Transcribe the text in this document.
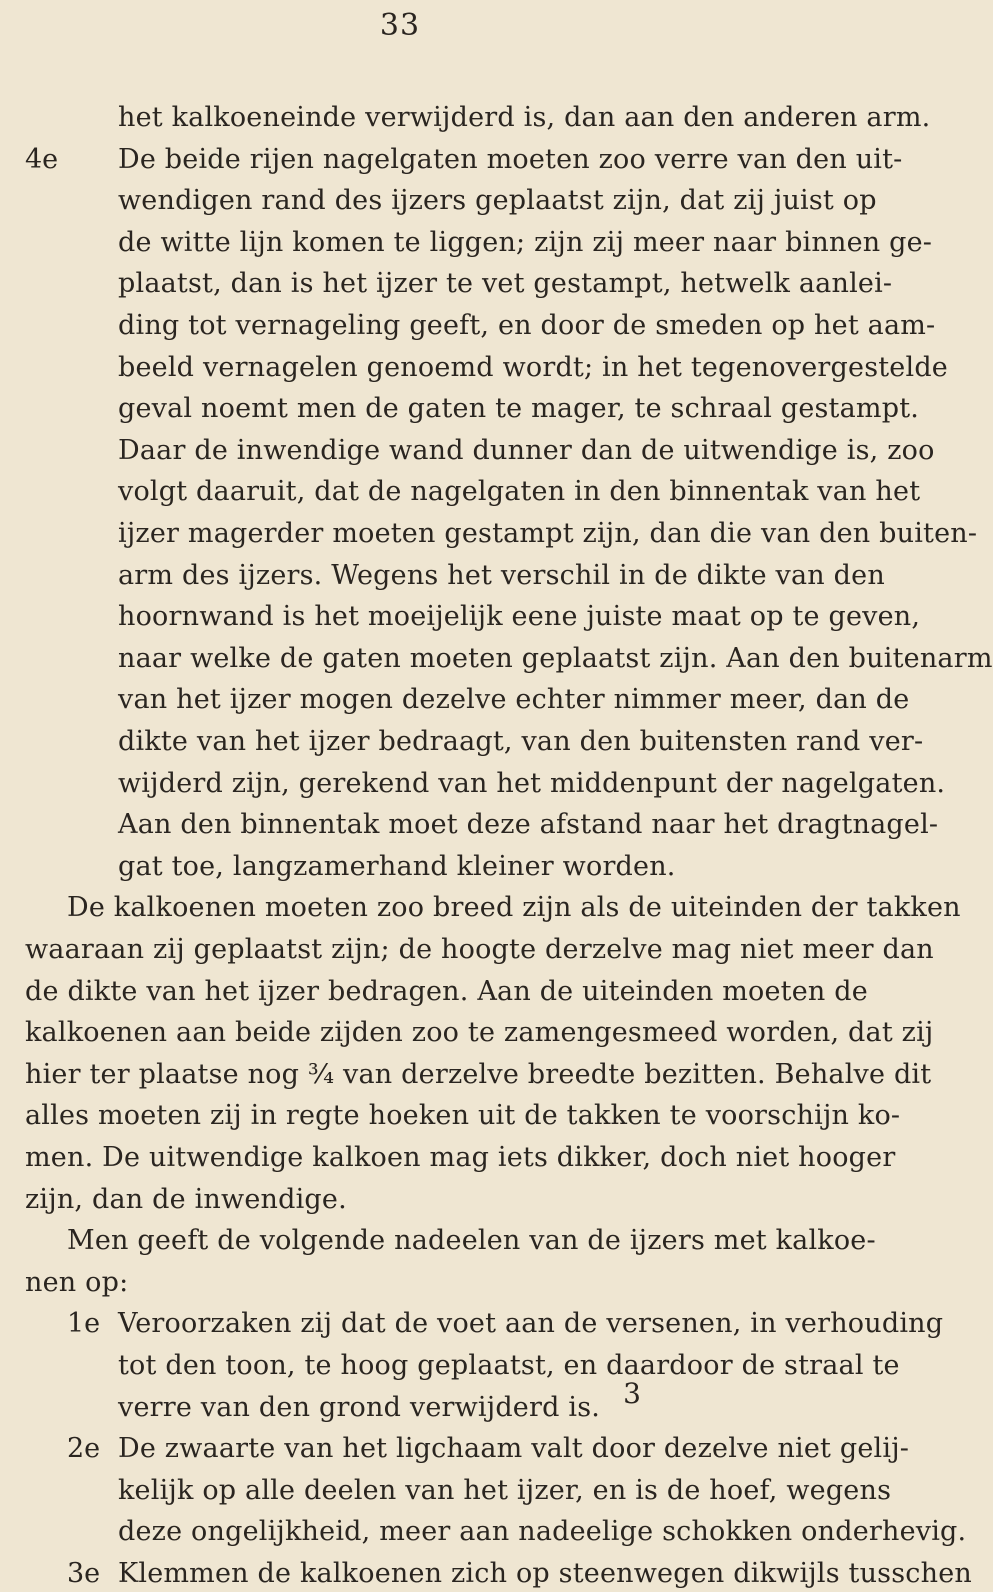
33
het kalkoeneinde verwijderd is, dan aan den anderen arm.
4e De beide rijen nagelgaten moeten zoo verre van den uit-
wendigen rand des ijzers geplaatst zijn, dat zij juist op
de witte lijn komen te liggen; zijn zij meer naar binnen ge-
plaatst, dan is het ijzer te vet gestampt, hetwelk aanlei-
ding tot vernageling geeft, en door de smeden op het aam-
beeld vernagelen genoemd wordt; in het tegenovergestelde
geval noemt men de gaten te mager, te schraal gestampt.
Daar de inwendige wand dunner dan de uitwendige is, zoo
volgt daaruit, dat de nagelgaten in den binnentak van het
ijzer magerder moeten gestampt zijn, dan die van den buiten-
arm des ijzers. Wegens het verschil in de dikte van den
hoornwand is het moeijelijk eene juiste maat op te geven,
naar welke de gaten moeten geplaatst zijn. Aan den buitenarm
van het ijzer mogen dezelve echter nimmer meer, dan de
dikte van het ijzer bedraagt, van den buitensten rand ver-
wijderd zijn, gerekend van het middenpunt der nagelgaten.
Aan den binnentak moet deze afstand naar het dragtnagel-
gat toe, langzamerhand kleiner worden.
De kalkoenen moeten zoo breed zijn als de uiteinden der takken
waaraan zij geplaatst zijn; de hoogte derzelve mag niet meer dan
de dikte van het ijzer bedragen. Aan de uiteinden moeten de
kalkoenen aan beide zijden zoo te zamengesmeed worden, dat zij
hier ter plaatse nog ¾ van derzelve breedte bezitten. Behalve dit
alles moeten zij in regte hoeken uit de takken te voorschijn ko-
men. De uitwendige kalkoen mag iets dikker, doch niet hooger
zijn, dan de inwendige.
Men geeft de volgende nadeelen van de ijzers met kalkoe-
nen op:
1e Veroorzaken zij dat de voet aan de versenen, in verhouding
tot den toon, te hoog geplaatst, en daardoor de straal te
verre van den grond verwijderd is.
2e De zwaarte van het ligchaam valt door dezelve niet gelij-
kelijk op alle deelen van het ijzer, en is de hoef, wegens
deze ongelijkheid, meer aan nadeelige schokken onderhevig.
3e Klemmen de kalkoenen zich op steenwegen dikwijls tusschen
3
